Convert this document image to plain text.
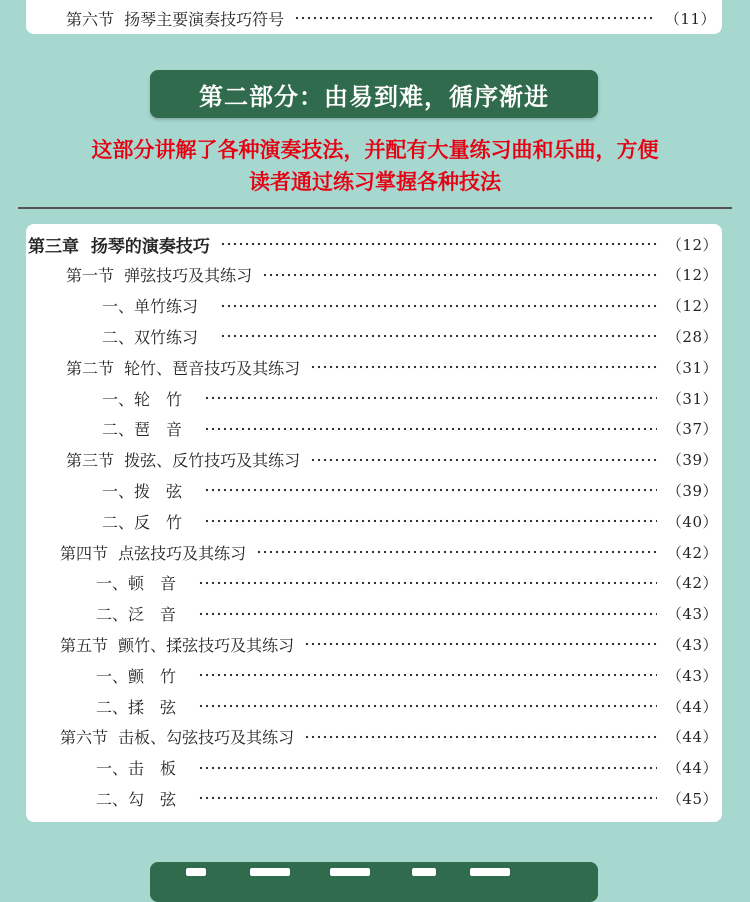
第六节  扬琴主要演奏技巧符号	（11）
第二部分：由易到难，循序渐进
这部分讲解了各种演奏技法，并配有大量练习曲和乐曲，方便
读者通过练习掌握各种技法
第三章  扬琴的演奏技巧	（12）
第一节  弹弦技巧及其练习	（12）
一、单竹练习	（12）
二、双竹练习	（28）
第二节  轮竹、琶音技巧及其练习	（31）
一、轮　竹	（31）
二、琶　音	（37）
第三节  拨弦、反竹技巧及其练习	（39）
一、拨　弦	（39）
二、反　竹	（40）
第四节  点弦技巧及其练习	（42）
一、顿　音	（42）
二、泛　音	（43）
第五节  颤竹、揉弦技巧及其练习	（43）
一、颤　竹	（43）
二、揉　弦	（44）
第六节  击板、勾弦技巧及其练习	（44）
一、击　板	（44）
二、勾　弦	（45）
